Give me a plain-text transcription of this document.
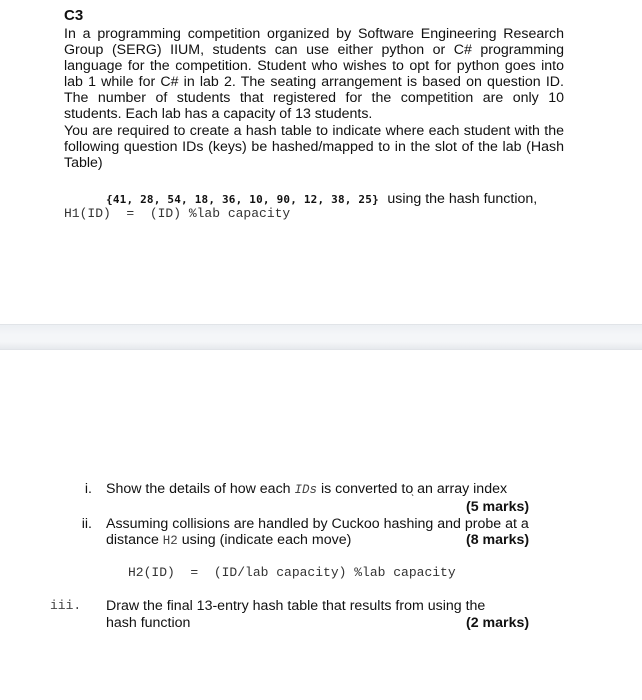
C3

In a programming competition organized by Software Engineering Research Group (SERG) IIUM, students can use either python or C# programming language for the competition. Student who wishes to opt for python goes into lab 1 while for C# in lab 2. The seating arrangement is based on question ID. The number of students that registered for the competition are only 10 students. Each lab has a capacity of 13 students.

You are required to create a hash table to indicate where each student with the following question IDs (keys) be hashed/mapped to in the slot of the lab (Hash Table)

{41, 28, 54, 18, 36, 10, 90, 12, 38, 25} using the hash function,
H1(ID)  =  (ID) %lab capacity
i. Show the details of how each IDs is converted to an array index
ˋ	(5 marks)
ii. Assuming collisions are handled by Cuckoo hashing and probe at a
distance H2 using (indicate each move)	(8 marks)
H2(ID)  =  (ID/lab capacity) %lab capacity
iii. Draw the final 13-entry hash table that results from using the
hash function	(2 marks)
